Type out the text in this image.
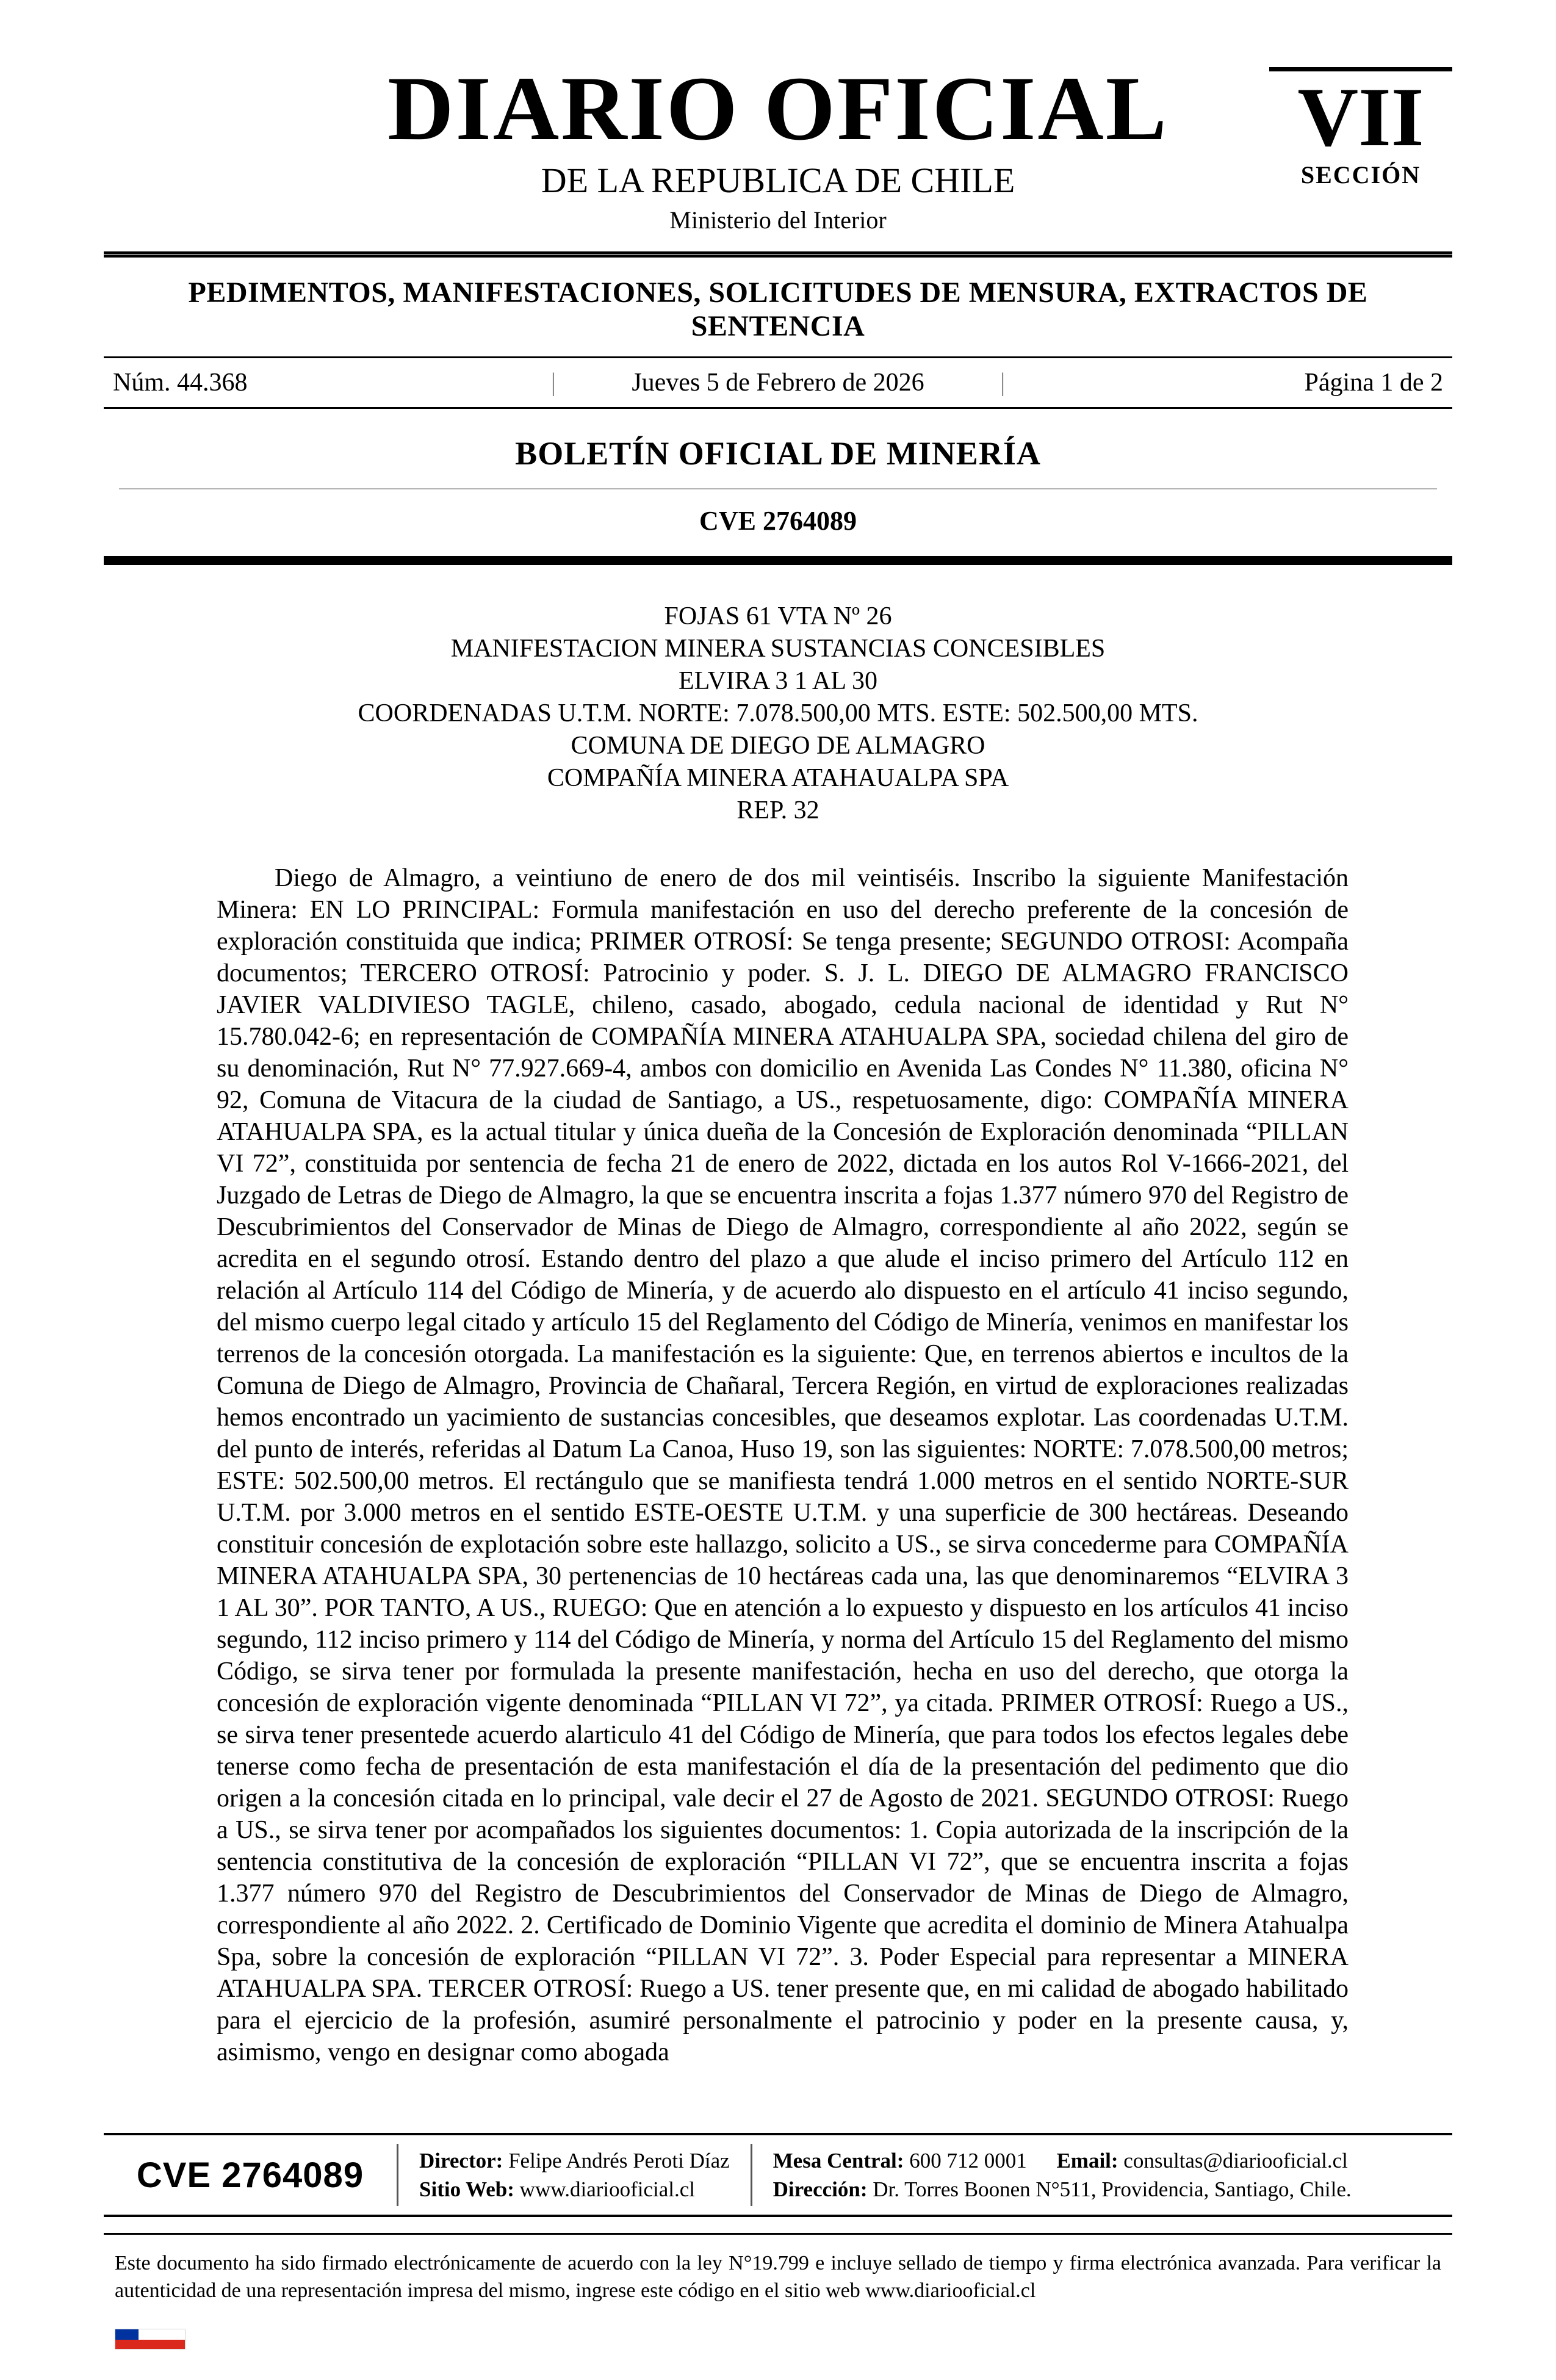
DIARIO OFICIAL
DE LA REPUBLICA DE CHILE
Ministerio del Interior
VII
SECCIÓN
PEDIMENTOS, MANIFESTACIONES, SOLICITUDES DE MENSURA, EXTRACTOS DE SENTENCIA
Núm. 44.368	|	Jueves 5 de Febrero de 2026	|	Página 1 de 2
BOLETÍN OFICIAL DE MINERÍA
CVE 2764089
FOJAS 61 VTA Nº 26
MANIFESTACION MINERA SUSTANCIAS CONCESIBLES
ELVIRA 3 1 AL 30
COORDENADAS U.T.M. NORTE: 7.078.500,00 MTS. ESTE: 502.500,00 MTS.
COMUNA DE DIEGO DE ALMAGRO
COMPAÑÍA MINERA ATAHAUALPA SPA
REP. 32

Diego de Almagro, a veintiuno de enero de dos mil veintiséis. Inscribo la siguiente Manifestación Minera: EN LO PRINCIPAL: Formula manifestación en uso del derecho preferente de la concesión de exploración constituida que indica; PRIMER OTROSÍ: Se tenga presente; SEGUNDO OTROSI: Acompaña documentos; TERCERO OTROSÍ: Patrocinio y poder. S. J. L. DIEGO DE ALMAGRO FRANCISCO JAVIER VALDIVIESO TAGLE, chileno, casado, abogado, cedula nacional de identidad y Rut N° 15.780.042-6; en representación de COMPAÑÍA MINERA ATAHUALPA SPA, sociedad chilena del giro de su denominación, Rut N° 77.927.669-4, ambos con domicilio en Avenida Las Condes N° 11.380, oficina N° 92, Comuna de Vitacura de la ciudad de Santiago, a US., respetuosamente, digo: COMPAÑÍA MINERA ATAHUALPA SPA, es la actual titular y única dueña de la Concesión de Exploración denominada “PILLAN VI 72”, constituida por sentencia de fecha 21 de enero de 2022, dictada en los autos Rol V-1666-2021, del Juzgado de Letras de Diego de Almagro, la que se encuentra inscrita a fojas 1.377 número 970 del Registro de Descubrimientos del Conservador de Minas de Diego de Almagro, correspondiente al año 2022, según se acredita en el segundo otrosí. Estando dentro del plazo a que alude el inciso primero del Artículo 112 en relación al Artículo 114 del Código de Minería, y de acuerdo alo dispuesto en el artículo 41 inciso segundo, del mismo cuerpo legal citado y artículo 15 del Reglamento del Código de Minería, venimos en manifestar los terrenos de la concesión otorgada. La manifestación es la siguiente: Que, en terrenos abiertos e incultos de la Comuna de Diego de Almagro, Provincia de Chañaral, Tercera Región, en virtud de exploraciones realizadas hemos encontrado un yacimiento de sustancias concesibles, que deseamos explotar. Las coordenadas U.T.M. del punto de interés, referidas al Datum La Canoa, Huso 19, son las siguientes: NORTE: 7.078.500,00 metros; ESTE: 502.500,00 metros. El rectángulo que se manifiesta tendrá 1.000 metros en el sentido NORTE-SUR U.T.M. por 3.000 metros en el sentido ESTE-OESTE U.T.M. y una superficie de 300 hectáreas. Deseando constituir concesión de explotación sobre este hallazgo, solicito a US., se sirva concederme para COMPAÑÍA MINERA ATAHUALPA SPA, 30 pertenencias de 10 hectáreas cada una, las que denominaremos “ELVIRA 3 1 AL 30”. POR TANTO, A US., RUEGO: Que en atención a lo expuesto y dispuesto en los artículos 41 inciso segundo, 112 inciso primero y 114 del Código de Minería, y norma del Artículo 15 del Reglamento del mismo Código, se sirva tener por formulada la presente manifestación, hecha en uso del derecho, que otorga la concesión de exploración vigente denominada “PILLAN VI 72”, ya citada. PRIMER OTROSÍ: Ruego a US., se sirva tener presentede acuerdo alarticulo 41 del Código de Minería, que para todos los efectos legales debe tenerse como fecha de presentación de esta manifestación el día de la presentación del pedimento que dio origen a la concesión citada en lo principal, vale decir el 27 de Agosto de 2021. SEGUNDO OTROSI: Ruego a US., se sirva tener por acompañados los siguientes documentos: 1. Copia autorizada de la inscripción de la sentencia constitutiva de la concesión de exploración “PILLAN VI 72”, que se encuentra inscrita a fojas 1.377 número 970 del Registro de Descubrimientos del Conservador de Minas de Diego de Almagro, correspondiente al año 2022. 2. Certificado de Dominio Vigente que acredita el dominio de Minera Atahualpa Spa, sobre la concesión de exploración “PILLAN VI 72”. 3. Poder Especial para representar a MINERA ATAHUALPA SPA. TERCER OTROSÍ: Ruego a US. tener presente que, en mi calidad de abogado habilitado para el ejercicio de la profesión, asumiré personalmente el patrocinio y poder en la presente causa, y, asimismo, vengo en designar como abogada

CVE 2764089	Director: Felipe Andrés Peroti Díaz
Sitio Web: www.diariooficial.cl
Mesa Central: 600 712 0001 Email: consultas@diariooficial.cl
Dirección: Dr. Torres Boonen N°511, Providencia, Santiago, Chile.

Este documento ha sido firmado electrónicamente de acuerdo con la ley N°19.799 e incluye sellado de tiempo y firma electrónica avanzada. Para verificar la autenticidad de una representación impresa del mismo, ingrese este código en el sitio web www.diariooficial.cl
